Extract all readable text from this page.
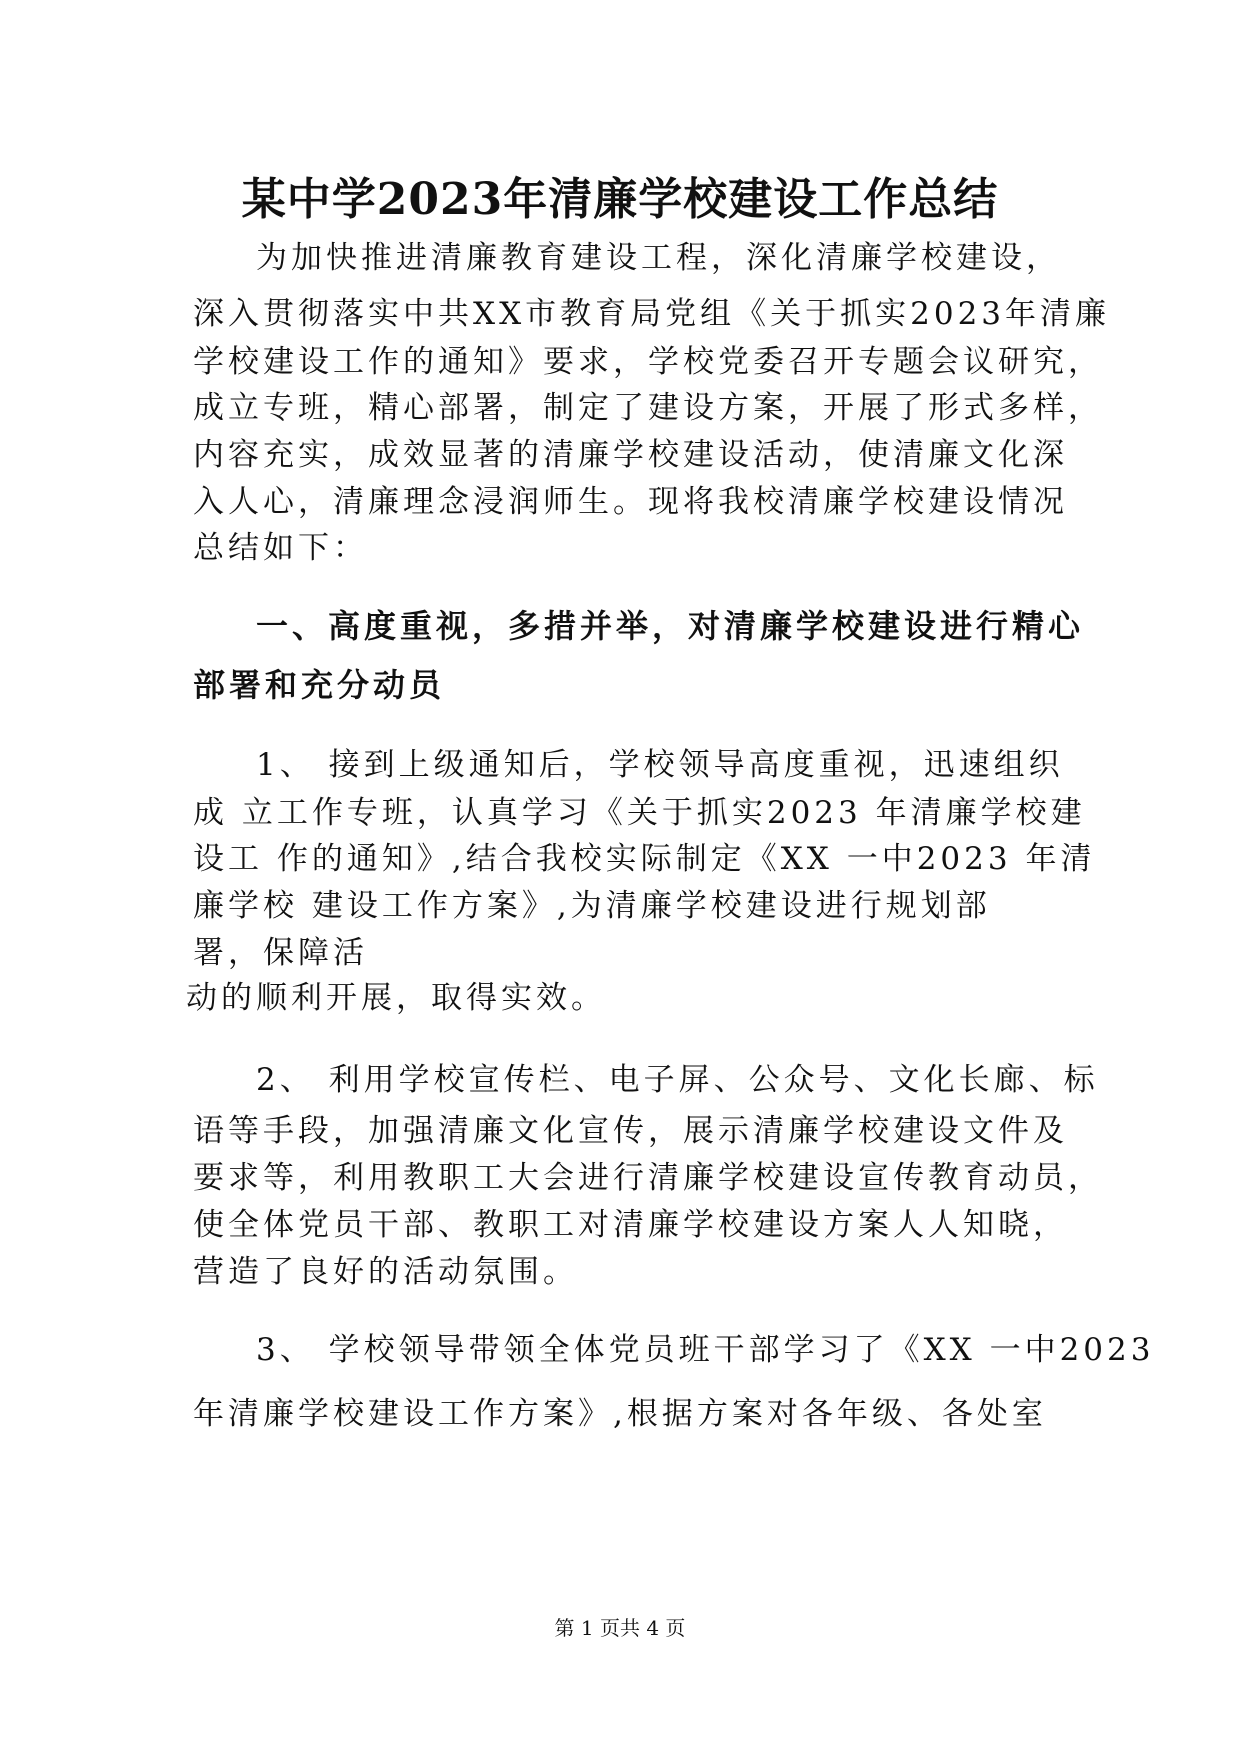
某中学2023年清廉学校建设工作总结

为加快推进清廉教育建设工程，深化清廉学校建设，

深入贯彻落实中共XX市教育局党组《关于抓实2023年清廉

学校建设工作的通知》要求，学校党委召开专题会议研究，

成立专班，精心部署，制定了建设方案，开展了形式多样，

内容充实，成效显著的清廉学校建设活动，使清廉文化深

入人心，清廉理念浸润师生。现将我校清廉学校建设情况

总结如下：

一、高度重视，多措并举，对清廉学校建设进行精心

部署和充分动员

1、 接到上级通知后，学校领导高度重视，迅速组织

成 立工作专班，认真学习《关于抓实2023 年清廉学校建

设工 作的通知》,结合我校实际制定《XX 一中2023 年清

廉学校 建设工作方案》,为清廉学校建设进行规划部

署，保障活

动的顺利开展，取得实效。

2、 利用学校宣传栏、电子屏、公众号、文化长廊、标

语等手段，加强清廉文化宣传，展示清廉学校建设文件及

要求等，利用教职工大会进行清廉学校建设宣传教育动员，

使全体党员干部、教职工对清廉学校建设方案人人知晓，

营造了良好的活动氛围。

3、 学校领导带领全体党员班干部学习了《XX 一中2023

年清廉学校建设工作方案》,根据方案对各年级、各处室

第 1 页共 4 页
